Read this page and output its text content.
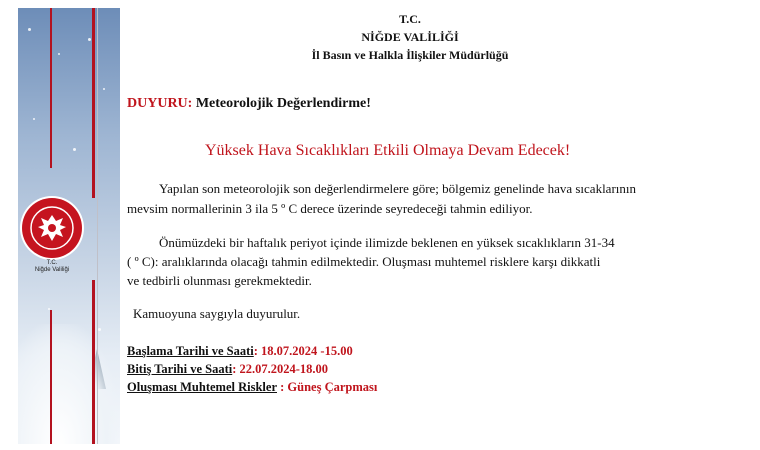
T.C.
Niğde Valiliği
T.C.
NİĞDE VALİLİĞİ
İl Basın ve Halkla İlişkiler Müdürlüğü
DUYURU: Meteorolojik Değerlendirme!
Yüksek Hava Sıcaklıkları Etkili Olmaya Devam Edecek!
Yapılan son meteorolojik son değerlendirmelere göre; bölgemiz genelinde hava sıcaklarının
mevsim normallerinin 3 ila 5 º C derece üzerinde seyredeceği tahmin ediliyor.
Önümüzdeki bir haftalık periyot içinde ilimizde beklenen en yüksek sıcaklıkların 31-34
( º C): aralıklarında olacağı tahmin edilmektedir. Oluşması muhtemel risklere karşı dikkatli
ve tedbirli olunması gerekmektedir.
Kamuoyuna saygıyla duyurulur.
Başlama Tarihi ve Saati: 18.07.2024 -15.00
Bitiş Tarihi ve Saati: 22.07.2024-18.00
Oluşması Muhtemel Riskler : Güneş Çarpması
